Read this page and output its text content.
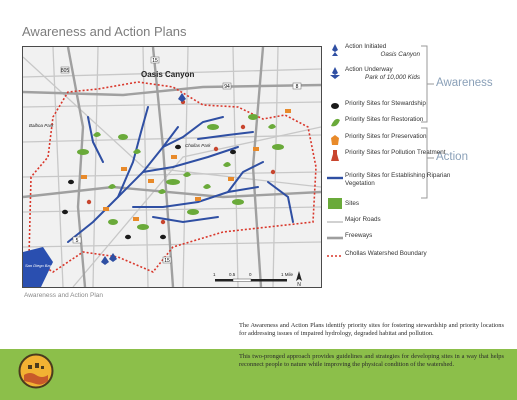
Awareness and Action Plans
805
94
15
8
5
15
Oasis Canyon
Balboa Park
Chollas Park
San Diego Bay
1	0.5	0	1 Mile
N
Awareness and Action Plan
Awareness
Action
Action Initiated
Oasis Canyon
Action Underway
Park of 10,000 Kids
Priority Sites for Stewardship
Priority Sites for Restoration
Priority Sites for Preservation
Priority Sites for Pollution Treatment
Priority Sites for Establishing Riparian Vegetation
Sites
Major Roads
Freeways
Chollas Watershed Boundary
The Awareness and Action Plans identify priority sites for fostering stewardship and priority locations for addressing issues of impaired hydrology, degraded habitat and pollution.
This two-pronged approach provides guidelines and strategies for developing sites in a way that helps reconnect people to nature while improving the physical condition of the watershed.
